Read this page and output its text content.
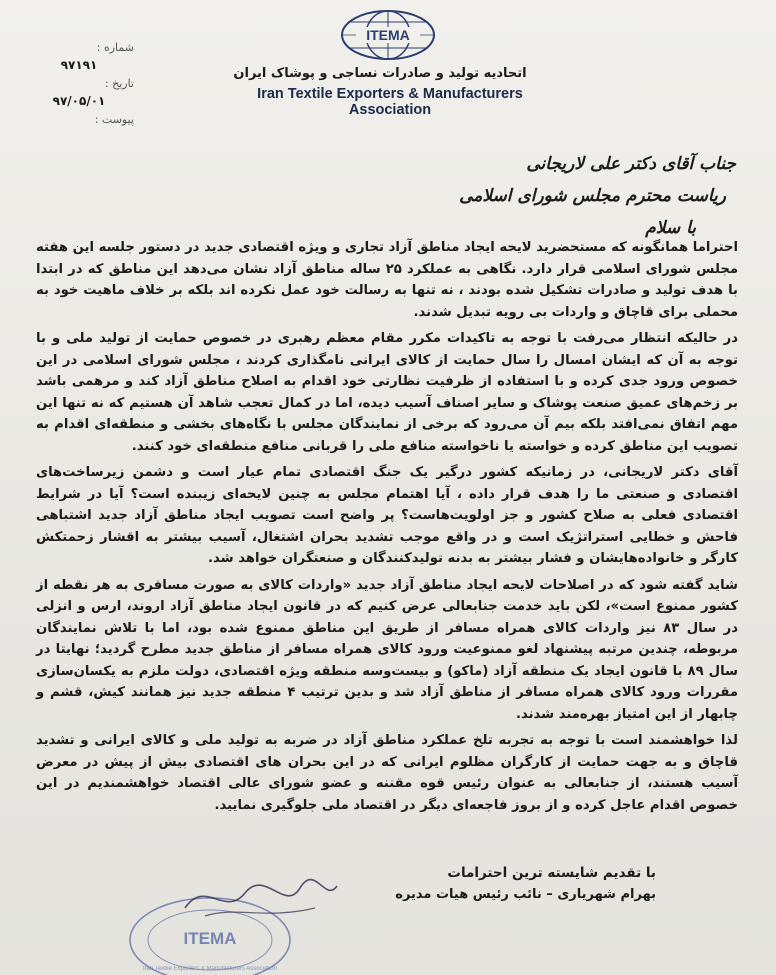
ITEMA
اتحادیه تولید و صادرات نساجی و پوشاک ایران
Iran Textile Exporters & Manufacturers Association
شماره :
۹۷۱۹۱
تاریخ :
۹۷/۰۵/۰۱
پیوست :
جناب آقای دکتر علی لاریجانی
ریاست محترم مجلس شورای اسلامی
با سلام

احتراما همانگونه که مستحضرید لایحه ایجاد مناطق آزاد تجاری و ویژه اقتصادی جدید در دستور جلسه این هفته مجلس شورای اسلامی قرار دارد. نگاهی به عملکرد ۲۵ ساله مناطق آزاد نشان می‌دهد این مناطق که در ابتدا با هدف تولید و صادرات تشکیل شده بودند ، نه تنها به رسالت خود عمل نکرده اند بلکه بر خلاف ماهیت خود به محملی برای قاچاق و واردات بی رویه تبدیل شدند.

در حالیکه انتظار می‌رفت با توجه به تاکیدات مکرر مقام معظم رهبری در خصوص حمایت از تولید ملی و با توجه به آن که ایشان امسال را سال حمایت از کالای ایرانی نامگذاری کردند ، مجلس شورای اسلامی در این خصوص ورود جدی کرده و با استفاده از ظرفیت نظارتی خود اقدام به اصلاح مناطق آزاد کند و مرهمی باشد بر زخم‌های عمیق صنعت پوشاک و سایر اصناف آسیب دیده، اما در کمال تعجب شاهد آن هستیم که نه تنها این مهم اتفاق نمی‌افتد بلکه بیم آن می‌رود که برخی از نمایندگان مجلس با نگاه‌های بخشی و منطقه‌ای اقدام به تصویب این مناطق کرده و خواسته یا ناخواسته منافع ملی را قربانی منافع منطقه‌ای خود کنند.

آقای دکتر لاریجانی، در زمانیکه کشور درگیر یک جنگ اقتصادی تمام عیار است و دشمن زیرساخت‌های اقتصادی و صنعتی ما را هدف قرار داده ، آیا اهتمام مجلس به چنین لایحه‌ای زیبنده است؟ آیا در شرایط اقتصادی فعلی به صلاح کشور و جز اولویت‌هاست؟ پر واضح است تصویب ایجاد مناطق آزاد جدید اشتباهی فاحش و خطایی استراتژیک است و در واقع موجب تشدید بحران اشتغال، آسیب بیشتر به اقشار زحمتکش کارگر و خانواده‌هایشان و فشار بیشتر به بدنه تولیدکنندگان و صنعتگران خواهد شد.

شاید گفته شود که در اصلاحات لایحه ایجاد مناطق آزاد جدید «واردات کالای به صورت مسافری به هر نقطه از کشور ممنوع است»، لکن باید خدمت جنابعالی عرض کنیم که در قانون ایجاد مناطق آزاد اروند، ارس و انزلی در سال ۸۳ نیز واردات کالای همراه مسافر از طریق این مناطق ممنوع شده بود، اما با تلاش نمایندگان مربوطه، چندین مرتبه پیشنهاد لغو ممنوعیت ورود کالای همراه مسافر از مناطق جدید مطرح گردید؛ نهایتا در سال ۸۹ با قانون ایجاد یک منطقه آزاد (ماکو) و بیست‌وسه منطقه ویژه اقتصادی، دولت ملزم به یکسان‌سازی مقررات ورود کالای همراه مسافر از مناطق آزاد شد و بدین ترتیب ۴ منطقه جدید نیز همانند کیش، قشم و چابهار از این امتیاز بهره‌مند شدند.

لذا خواهشمند است با توجه به تجربه تلخ عملکرد مناطق آزاد در ضربه به تولید ملی و کالای ایرانی و تشدید قاچاق و به جهت حمایت از کارگران مظلوم ایرانی که در این بحران های اقتصادی بیش از پیش در معرض آسیب هستند، از جنابعالی به عنوان رئیس قوه مقننه و عضو شورای عالی اقتصاد خواهشمندیم در این خصوص اقدام عاجل کرده و از بروز فاجعه‌ای دیگر در اقتصاد ملی جلوگیری نمایید.

ITEMA
Iran Textile Exporters & Manufacturers Association
با تقدیم شایسته ترین احترامات
بهرام شهریاری – نائب رئیس هیات مدیره
